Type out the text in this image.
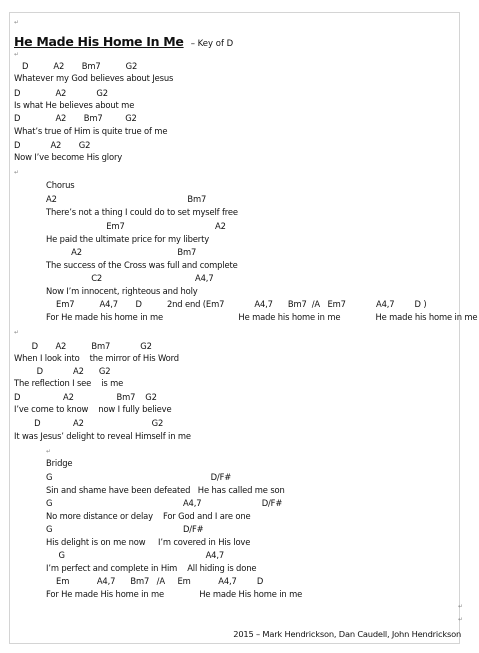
↵
He Made His Home In Me – Key of D
↵
D          A2       Bm7          G2
Whatever my God believes about Jesus
D              A2            G2
Is what He believes about me
D              A2       Bm7         G2
What’s true of Him is quite true of me
D            A2       G2
Now I’ve become His glory
↵
Chorus
A2                                                    Bm7
There’s not a thing I could do to set myself free
Em7                                    A2
He paid the ultimate price for my liberty
A2                                      Bm7
The success of the Cross was full and complete
C2                                     A4,7
Now I’m innocent, righteous and holy
Em7          A4,7       D          2nd end (Em7            A4,7      Bm7  /A   Em7            A4,7        D )
For He made his home in me                              He made his home in me              He made his home in me
↵
D       A2          Bm7            G2
When I look into    the mirror of His Word
D            A2      G2
The reflection I see    is me
D                 A2                 Bm7    G2
I’ve come to know    now I fully believe
D             A2                           G2
It was Jesus’ delight to reveal Himself in me
↵
Bridge
G                                                               D/F#
Sin and shame have been defeated   He has called me son
G                                                    A4,7                        D/F#
No more distance or delay    For God and I are one
G                                                    D/F#
His delight is on me now     I’m covered in His love
G                                                        A4,7
I’m perfect and complete in Him    All hiding is done
Em           A4,7      Bm7   /A     Em           A4,7        D
For He made His home in me              He made His home in me
↵
↵
2015 – Mark Hendrickson, Dan Caudell, John Hendrickson
